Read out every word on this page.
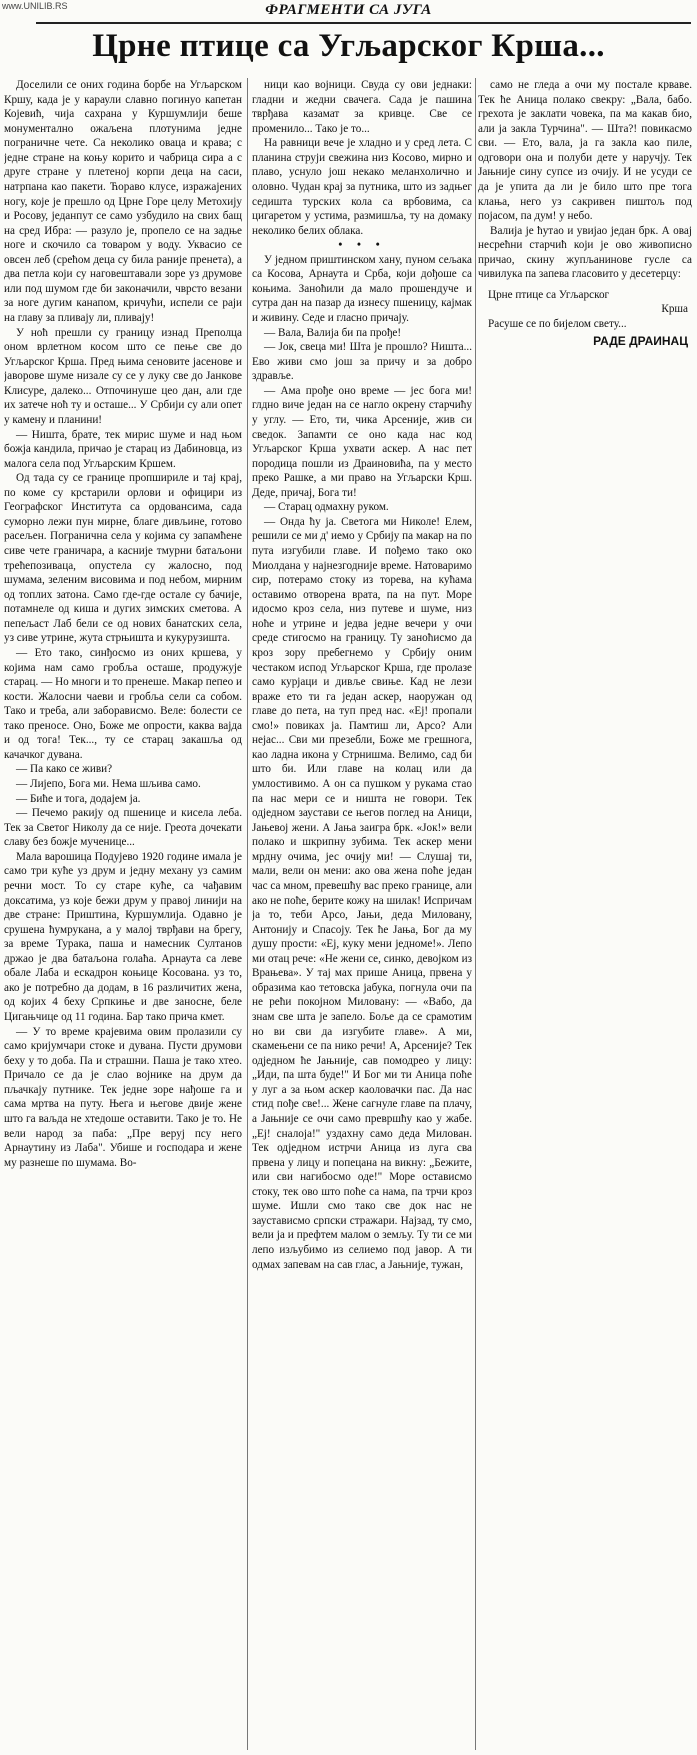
www.UNILIB.RS	ФРАГМЕНТИ СА ЈУГА
Црне птице са Угљарског Крша...

Доселили се оних година борбе на Угљарском Кршу, када је у караули славно погинуо капетан Којевић, чија сахрана у Куршумлији беше монументално ожаљена плотунима једне пограничне чете. Са неколико оваца и крава; с једне стране на коњу корито и чабрица сира а с друге стране у плетеној корпи деца на саси, натрпана као пакети. Ћораво клусе, изражајених ногу, које је прешло од Црне Горе целу Метохију и Росову, једанпут се само узбудило на свих бащ на сред Ибра: — разуло је, пропело се на задње ноге и скочило са товаром у воду. Уквасио се овсен леб (срећом деца су била раније пренета), а два петла који су наговештавали зоре уз друмове или под шумом где би законачили, чврсто везани за ноге дугим канапом, кричући, испели се раји на главу за пливају ли, пливају!

У ноћ прешли су границу изнад Преполца оном врлетном косом што се пење све до Угљарског Крша. Пред њима сеновите јасенове и јаворове шуме низале су се у луку све до Јанкове Клисуре, далеко... Отпочинуше цео дан, али где их затече ноћ ту и осташе... У Србији су али опет у камену и планини!

— Ништа, брате, тек мирис шуме и над њом божја кандила, причао је старац из Дабиновца, из малога села под Угљарским Кршем.

Од тада су се границе пропшириле и тај крај, по коме су крстарили орлови и официри из Географског Института са ордовансима, сада суморно лежи пун мирне, благе дивљине, готово расељен. Погранична села у којима су запамћене сиве чете граничара, а касније тмурни батаљони трећепозиваца, опустела су жалосно, под шумама, зеленим висовима и под небом, мирним од топлих затона. Само где-где остале су бачије, потамнеле од киша и дугих зимских сметова. А пепељаст Лаб бели се од нових банатских села, уз сиве утрине, жута стрњишта и кукурузишта.

— Ето тако, синђосмо из оних кршева, у којима нам само гробља осташе, продужује старац. — Но многи и то пренеше. Макар пепео и кости. Жалосни чаеви и гробља сели са собом. Тако и треба, али заборависмо. Веле: болести се тако преносе. Оно, Боже ме опрости, каква вајда и од тога! Тек..., ту се старац закашља од качачког дувана.

— Па како се живи?

— Лијепо, Бога ми. Нема шљива само.

— Биће и тога, додајем ја.

— Печемо ракију од пшенице и кисела леба. Тек за Светог Николу да се није. Греота дочекати славу без божје мученице...

Мала варошица Подујево 1920 године имала је само три куће уз друм и једну механу уз самим речни мост. То су старе куће, са чађавим доксатима, уз које бежи друм у правој линији на две стране: Приштина, Куршумлија. Одавно је срушена ћумрукана, а у малој тврђави на брегу, за време Турака, паша и намесник Султанов држао је два батаљона голаћа. Арнаута са леве обале Лаба и ескадрон коњице Косована. уз то, ако је потребно да додам, в 16 различитих жена, од којих 4 беху Српкиње и две заносне, беле Цигањчице од 11 година. Бар тако прича кмет.

— У то време крајевима овим пролазили су само кријумчари стоке и дувана. Пусти друмови беху у то доба. Па и страшни. Паша је тако хтео. Причало се да је слао војнике на друм да пљачкају путнике. Тек једне зоре нађоше га и сама мртва на путу. Њега и његове двије жене што га ваљда не хтедоше оставити. Тако је то. Не вели народ за паба: „Пре веруј псу него Арнаутину из Лаба". Убише и господара и жене му разнеше по шумама. Во-

ници као војници. Свуда су ови једнаки: гладни и жедни свачега. Сада је пашина тврђава казамат за кривце. Све се променило... Тако је то...

На равници вече је хладно и у сред лета. С планина струји свежина низ Косово, мирно и плаво, уснуло још некако меланхолично и оловно. Чудан крај за путника, што из задњег седишта турских кола са врбовима, са цигаретом у устима, размишља, ту на домаку неколико белих облака.

• • •

У једном приштинском хану, пуном сељака са Косова, Арнаута и Срба, који дођоше са коњима. Заноћили да мало прошендуче и сутра дан на пазар да изнесу пшеницу, кајмак и живину. Седе и гласно причају.

— Вала, Валија би па прође!

— Јок, свеца ми! Шта је прошло? Ништа... Ево живи смо још за причу и за добро здравље.

— Ама прође оно време — јес бога ми! глдно вичe један на се нагло окрену старчићу у углу. — Ето, ти, чика Арсеније, жив си сведок. Запамти се оно када нас код Угљарског Крша ухвати аскер. А нас пет породица пошли из Драиновића, па у место преко Рашке, а ми право на Угљарски Крш. Деде, причај, Бога ти!

— Старац одмахну руком.

— Онда ћу ја. Светога ми Николе! Елем, решили се ми д' иемо у Србију па макар на по пута изгубили главе. И пођемо тако око Миолдана у најнезгодније време. Натоваримо сир, потерамо стоку из торева, на кућама оставимо отворена врата, па на пут. Море идосмо кроз села, низ путеве и шуме, низ ноће и утрине и једва једне вечери у очи среде стигосмо на границу. Ту заноћисмо да кроз зору пребегнемо у Србију оним честаком испод Угљарског Крша, где пролазе само курјаци и дивље свиње. Кад не лези враже ето ти га један аскер, наоружан од главе до пета, на туп пред нас. «Ej! пропали смо!» повиках ја. Памтиш ли, Арсо? Али нејас... Сви ми презебли, Боже ме грешнога, као ладна икона у Стрнишма. Велимо, сад би што би. Или главе на колац или да умлостивимо. А он са пушком у рукама стао па нас мери се и ништа не говори. Тек одједном заустави се његов поглед на Аници, Јањевој жени. А Јања заигра брк. «Јок!» вели полако и шкрипну зубима. Тек аскер мени мрдну очима, јес очију ми! — Слушај ти, мали, вели он мени: ако ова жена поће један час са мном, превешћу вас преко границе, али ако не поће, берите кожу на шилак! Испричам ја то, теби Арсо, Јањи, деда Миловану, Антонију и Спасоју. Тек ће Јања, Бог да му душу прости: «Ej, куку мени једноме!». Лепо ми отац рече: «Не жени се, синко, девојком из Врањева». У тај мах прише Аница, првена у образима као тетовска јабука, погнула очи па не рећи покојном Миловану: — «Вабо, да знам све шта је запело. Боље да се срамотим но ви сви да изгубите главе». А ми, скамењени се па нико речи! А, Арсеније? Тек одједном ће Јањније, сав помодрео у лицу: „Иди, па шта буде!" И Бог ми ти Аница поће у луг а за њом аскер каоловачки пас. Да нас стид пође све!... Жене сагнуле главе па плачу, а Јањније се очи само превршћу као у жабе. „Еј! сналоја!" уздахну само деда Милован. Тек одједном истрчи Аница из луга сва првена у лицу и попецана на викну: „Бежите, или сви нагибосмо оде!" Море остависмо стоку, тек ово што поће са нама, па трчи кроз шуме. Ишли смо тако све док нас не заустависмо српски стражари. Најзад, ту смо, вели ја и префтем малом о земљу. Ту ти се ми лепо изљубимо из селиемо под јавор. А ти одмах запевам на сав глас, а Јањније, тужан,

само не гледа а очи му постале крваве. Тек ће Аница полако свекру: „Вала, бабо. грехота је заклати човека, па ма какав био, али ја закла Турчина". — Шта?! повикасмо сви. — Ето, вала, ја га закла као пиле, одговори она и полуби дете у наручју. Тек Јањније сину супсе из очију. И не усуди се да је упита да ли је било што пре тога клања, него уз сакривен пиштољ под појасом, па дум! у небо.

Валија је ћутао и увијао један брк. А овај несрећни старчић који је ово живописно причао, скину жупљанинове гусле са чивилука па запева гласовито у десетерцу:

Црне птице са Угљарског
Крша
Расуше се по бијелом свету...
РАДЕ ДРАИНАЦ
